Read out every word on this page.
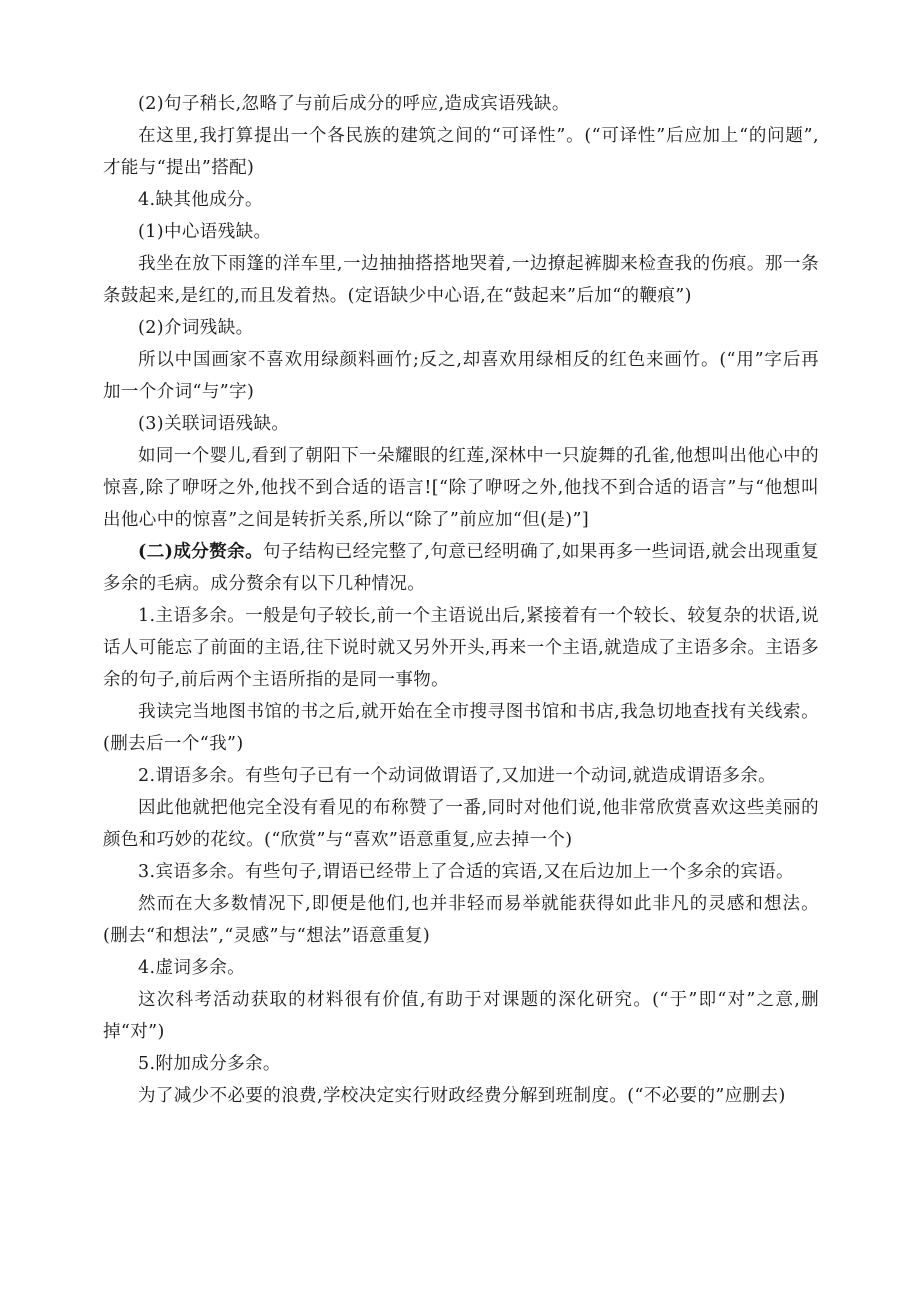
(2)句子稍长,忽略了与前后成分的呼应,造成宾语残缺。

在这里,我打算提出一个各民族的建筑之间的“可译性”。(“可译性”后应加上“的问题”,才能与“提出”搭配)

4.缺其他成分。

(1)中心语残缺。

我坐在放下雨篷的洋车里,一边抽抽搭搭地哭着,一边撩起裤脚来检查我的伤痕。那一条条鼓起来,是红的,而且发着热。(定语缺少中心语,在“鼓起来”后加“的鞭痕”)

(2)介词残缺。

所以中国画家不喜欢用绿颜料画竹;反之,却喜欢用绿相反的红色来画竹。(“用”字后再加一个介词“与”字)

(3)关联词语残缺。

如同一个婴儿,看到了朝阳下一朵耀眼的红莲,深林中一只旋舞的孔雀,他想叫出他心中的惊喜,除了咿呀之外,他找不到合适的语言![“除了咿呀之外,他找不到合适的语言”与“他想叫出他心中的惊喜”之间是转折关系,所以“除了”前应加“但(是)”]

(二)成分赘余。句子结构已经完整了,句意已经明确了,如果再多一些词语,就会出现重复多余的毛病。成分赘余有以下几种情况。

1.主语多余。一般是句子较长,前一个主语说出后,紧接着有一个较长、较复杂的状语,说话人可能忘了前面的主语,往下说时就又另外开头,再来一个主语,就造成了主语多余。主语多余的句子,前后两个主语所指的是同一事物。

我读完当地图书馆的书之后,就开始在全市搜寻图书馆和书店,我急切地查找有关线索。(删去后一个“我”)

2.谓语多余。有些句子已有一个动词做谓语了,又加进一个动词,就造成谓语多余。

因此他就把他完全没有看见的布称赞了一番,同时对他们说,他非常欣赏喜欢这些美丽的颜色和巧妙的花纹。(“欣赏”与“喜欢”语意重复,应去掉一个)

3.宾语多余。有些句子,谓语已经带上了合适的宾语,又在后边加上一个多余的宾语。

然而在大多数情况下,即便是他们,也并非轻而易举就能获得如此非凡的灵感和想法。(删去“和想法”,“灵感”与“想法”语意重复)

4.虚词多余。

这次科考活动获取的材料很有价值,有助于对课题的深化研究。(“于”即“对”之意,删掉“对”)

5.附加成分多余。

为了减少不必要的浪费,学校决定实行财政经费分解到班制度。(“不必要的”应删去)
